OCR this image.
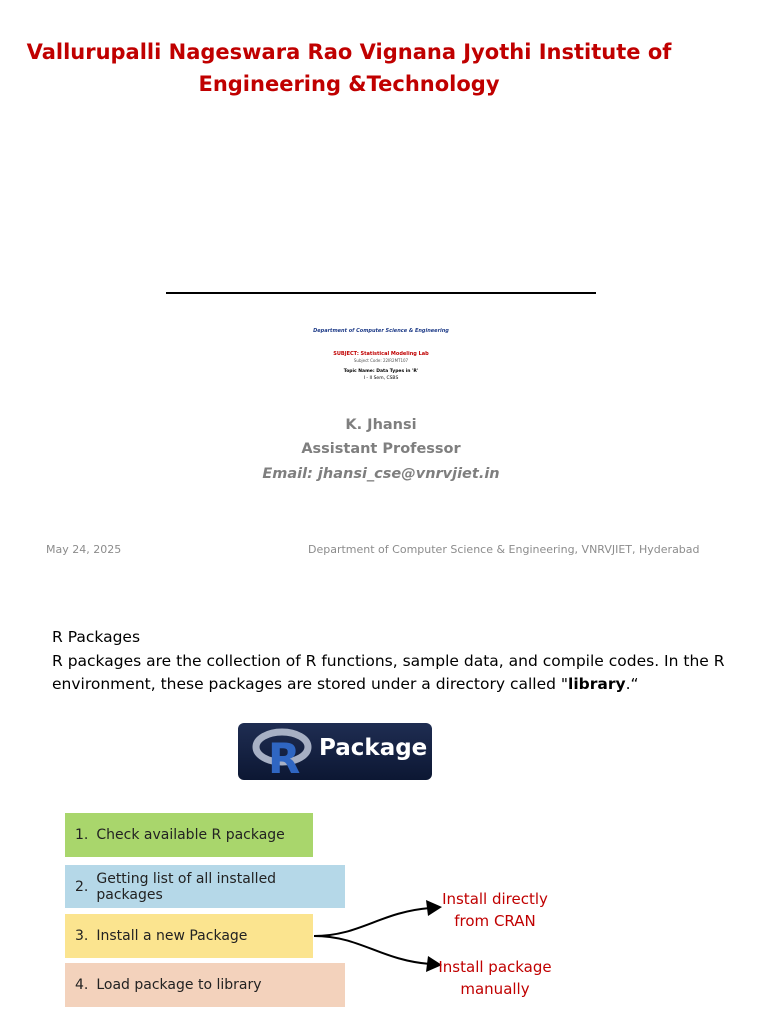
Vallurupalli Nageswara Rao Vignana Jyothi Institute of
Engineering &Technology
Department of Computer Science & Engineering
SUBJECT: Statistical Modeling Lab
Subject Code: 22IR2MT107
Topic Name: Data Types in 'R'
I - II Sem, CSBS
K. Jhansi
Assistant Professor
Email: jhansi_cse@vnrvjiet.in
May 24, 2025	Department of Computer Science & Engineering, VNRVJIET, Hyderabad
R Packages
R packages are the collection of R functions, sample data, and compile codes. In the R environment, these packages are stored under a directory called "library.“
R Package
1. Check available R package
2. Getting list of all installed packages
3. Install a new Package
4. Load package to library
Install directly
from CRAN
Install package
manually
